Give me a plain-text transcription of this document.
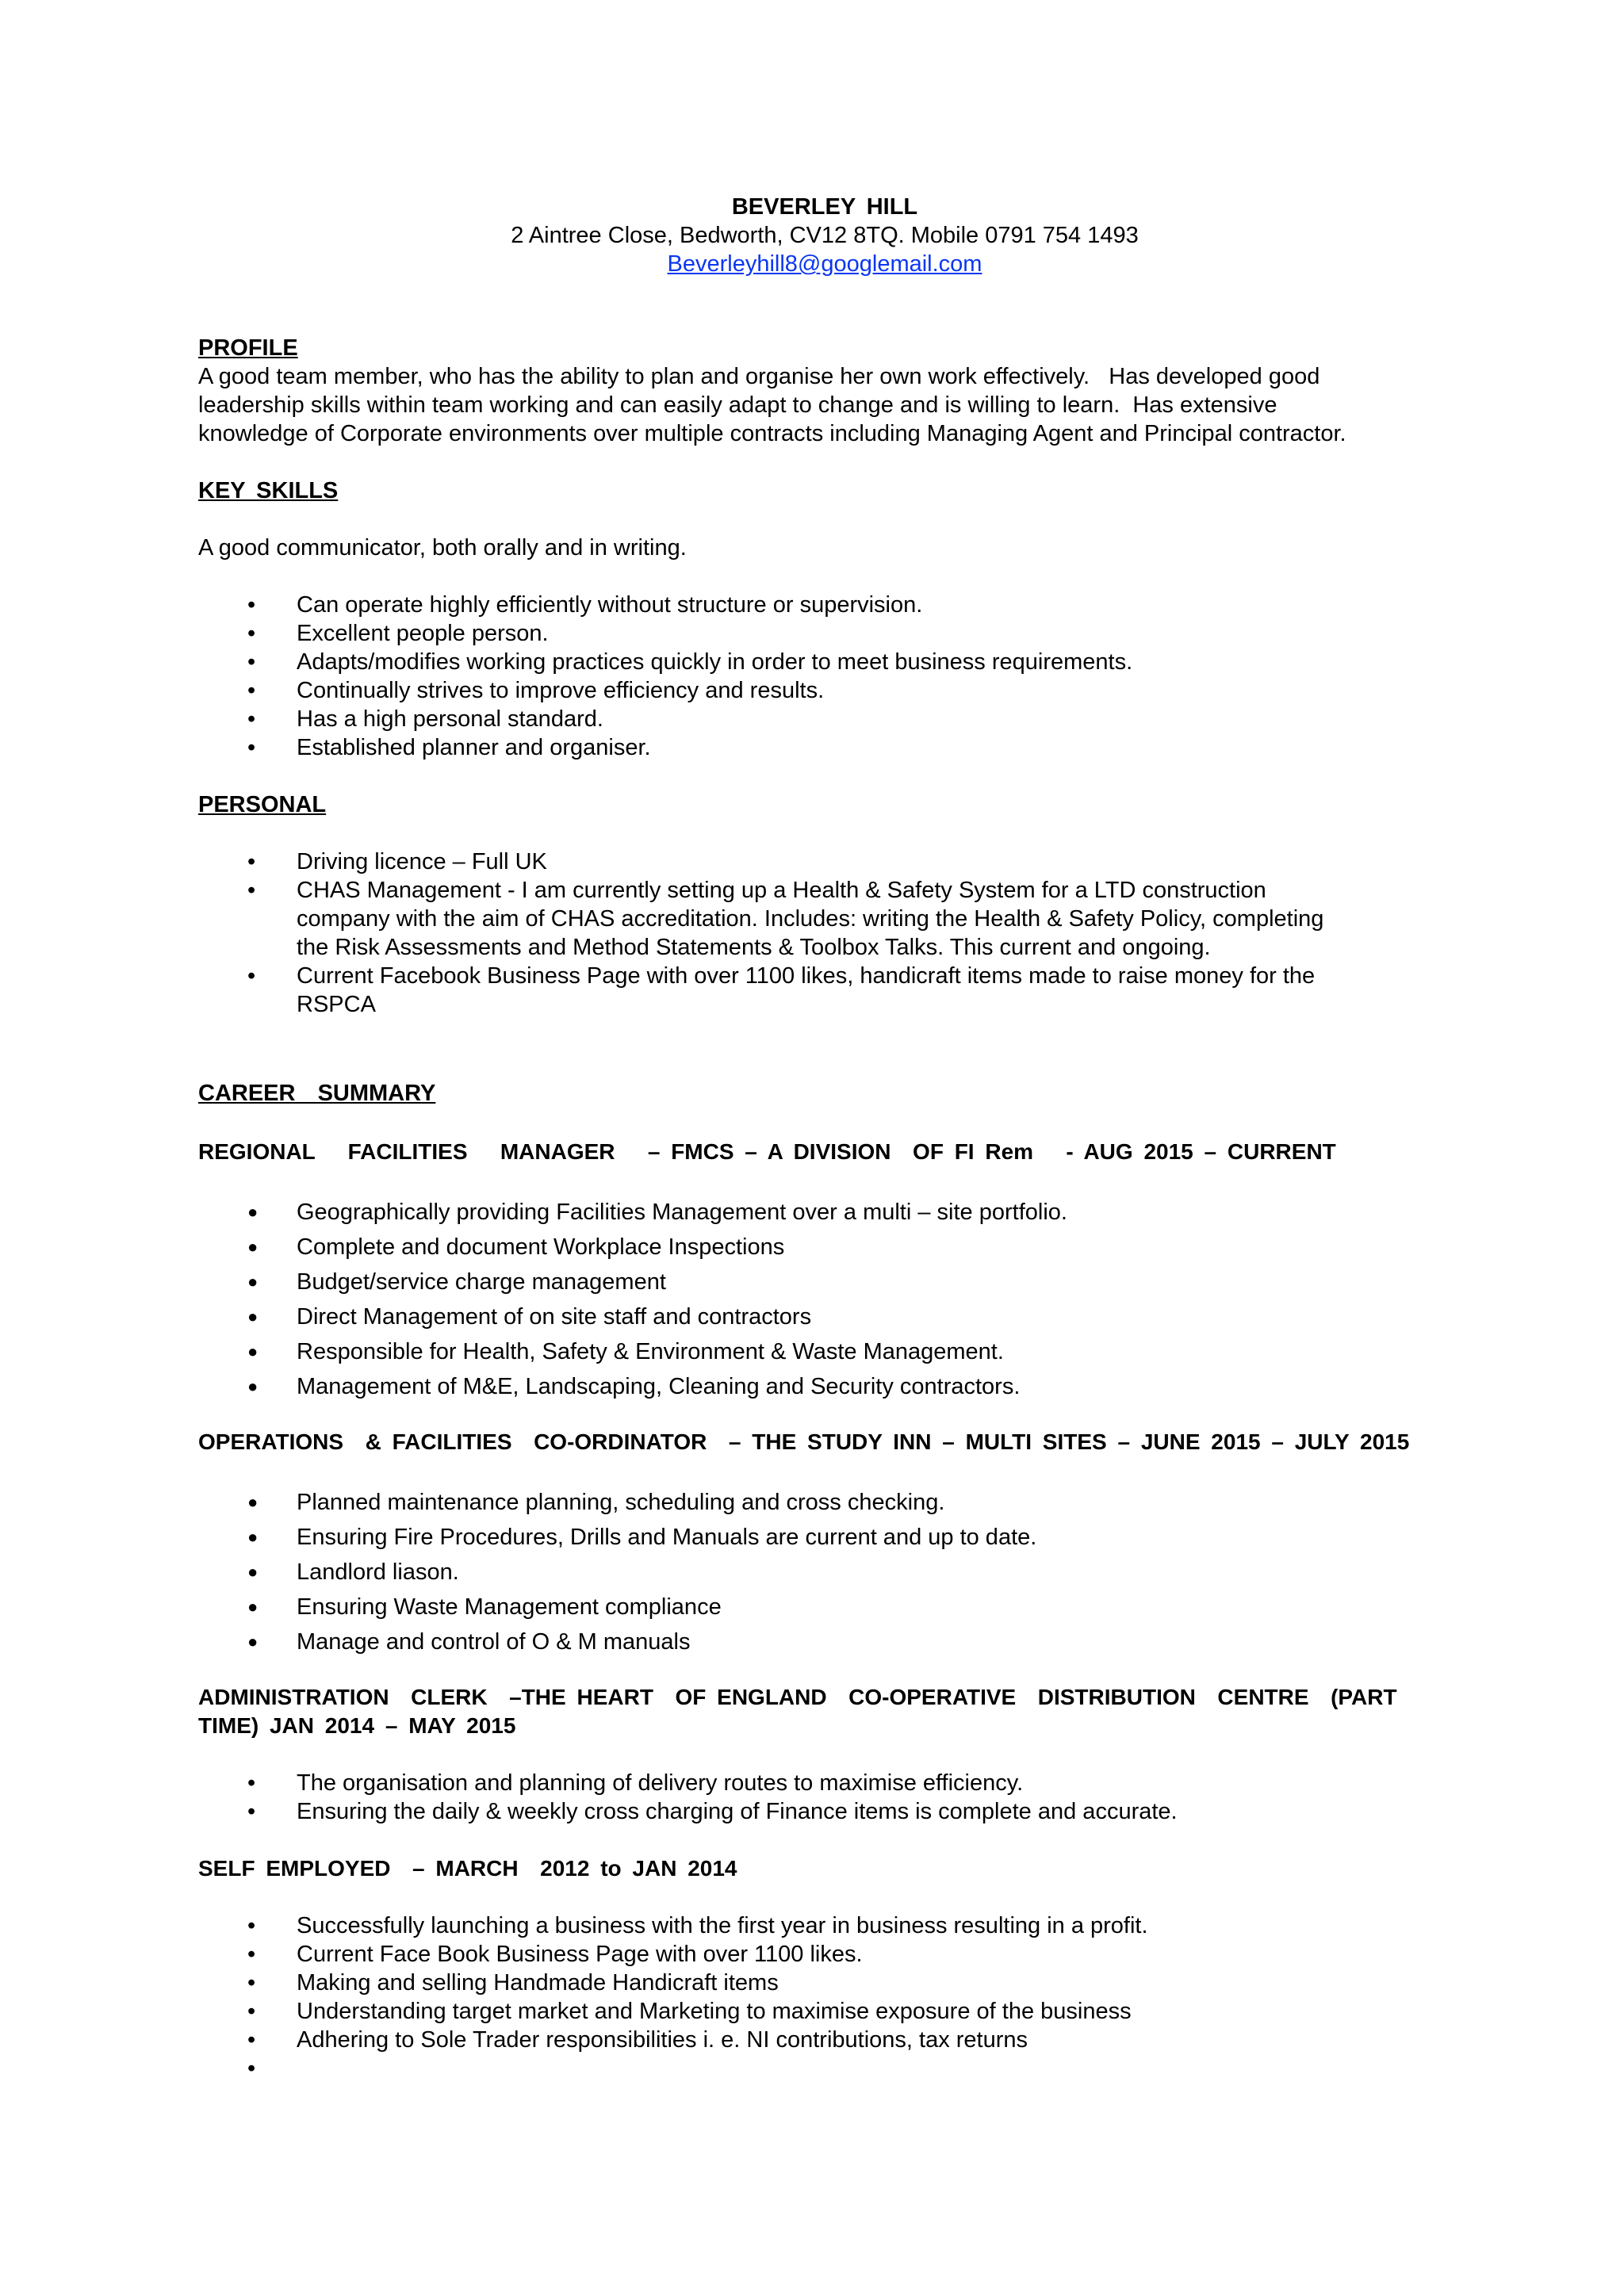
BEVERLEY HILL
2 Aintree Close, Bedworth, CV12 8TQ. Mobile 0791 754 1493
Beverleyhill8@googlemail.com
PROFILE
A good team member, who has the ability to plan and organise her own work effectively.   Has developed good
leadership skills within team working and can easily adapt to change and is willing to learn.  Has extensive
knowledge of Corporate environments over multiple contracts including Managing Agent and Principal contractor.
KEY SKILLS
A good communicator, both orally and in writing.
• Can operate highly efficiently without structure or supervision.
• Excellent people person.
• Adapts/modifies working practices quickly in order to meet business requirements.
• Continually strives to improve efficiency and results.
• Has a high personal standard.
• Established planner and organiser.
PERSONAL
• Driving licence – Full UK
• CHAS Management - I am currently setting up a Health & Safety System for a LTD construction
company with the aim of CHAS accreditation. Includes: writing the Health & Safety Policy, completing
the Risk Assessments and Method Statements & Toolbox Talks. This current and ongoing.
• Current Facebook Business Page with over 1100 likes, handicraft items made to raise money for the
RSPCA
CAREER  SUMMARY
REGIONAL   FACILITIES   MANAGER   – FMCS – A DIVISION  OF FI Rem   - AUG 2015 – CURRENT
● Geographically providing Facilities Management over a multi – site portfolio.
● Complete and document Workplace Inspections
● Budget/service charge management
● Direct Management of on site staff and contractors
● Responsible for Health, Safety & Environment & Waste Management.
● Management of M&E, Landscaping, Cleaning and Security contractors.
OPERATIONS  & FACILITIES  CO-ORDINATOR  – THE STUDY INN – MULTI SITES – JUNE 2015 – JULY 2015
● Planned maintenance planning, scheduling and cross checking.
● Ensuring Fire Procedures, Drills and Manuals are current and up to date.
● Landlord liason.
● Ensuring Waste Management compliance
● Manage and control of O & M manuals
ADMINISTRATION  CLERK  –THE HEART  OF ENGLAND  CO-OPERATIVE  DISTRIBUTION  CENTRE  (PART
TIME) JAN 2014 – MAY 2015
• The organisation and planning of delivery routes to maximise efficiency.
• Ensuring the daily & weekly cross charging of Finance items is complete and accurate.
SELF EMPLOYED  – MARCH  2012 to JAN 2014
• Successfully launching a business with the first year in business resulting in a profit.
• Current Face Book Business Page with over 1100 likes.
• Making and selling Handmade Handicraft items
• Understanding target market and Marketing to maximise exposure of the business
• Adhering to Sole Trader responsibilities i. e. NI contributions, tax returns
•
